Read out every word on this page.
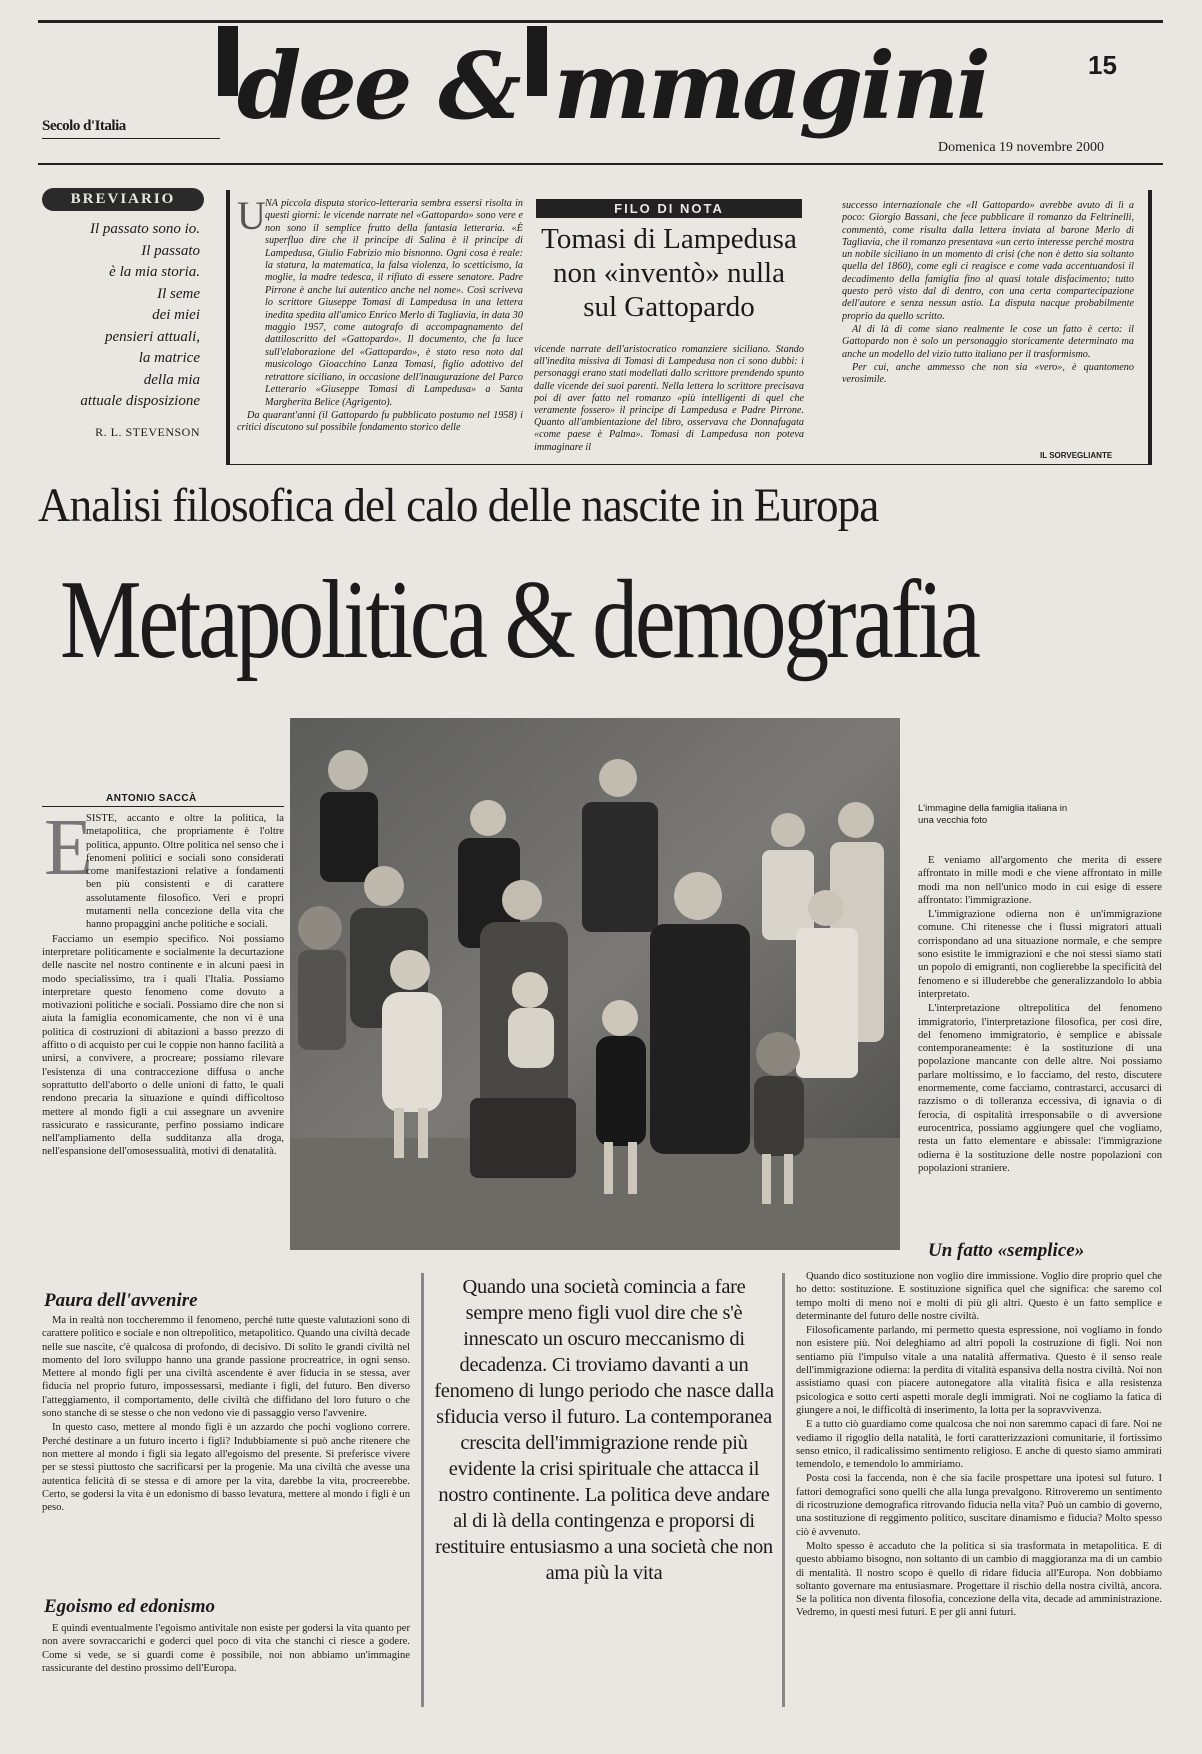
dee & mmagini	15
Secolo d'Italia
Domenica 19 novembre 2000
BREVIARIO
Il passato sono io.
Il passato
è la mia storia.
Il seme
dei miei
pensieri attuali,
la matrice
della mia
attuale disposizione
R. L. STEVENSON
U NA piccola disputa storico-letteraria sembra essersi risolta in questi giorni: le vicende narrate nel «Gattopardo» sono vere e non sono il semplice frutto della fantasia letteraria. «È superfluo dire che il principe di Salina è il principe di Lampedusa, Giulio Fabrizio mio bisnonno. Ogni cosa è reale: la statura, la matematica, la falsa violenza, lo scetticismo, la moglie, la madre tedesca, il rifiuto di essere senatore. Padre Pirrone è anche lui autentico anche nel nome». Così scriveva lo scrittore Giuseppe Tomasi di Lampedusa in una lettera inedita spedita all'amico Enrico Merlo di Tagliavia, in data 30 maggio 1957, come autografo di accompagnamento del dattiloscritto del «Gattopardo». Il documento, che fa luce sull'elaborazione del «Gattopardo», è stato reso noto dal musicologo Gioacchino Lanza Tomasi, figlio adottivo del retrattore siciliano, in occasione dell'inaugurazione del Parco Letterario «Giuseppe Tomasi di Lampedusa» a Santa Margherita Belice (Agrigento).

Da quarant'anni (il Gattopardo fu pubblicato postumo nel 1958) i critici discutono sul possibile fondamento storico delle

FILO DI NOTA
Tomasi di Lampedusa non «inventò» nulla sul Gattopardo

vicende narrate dell'aristocratico romanziere siciliano. Stando all'inedita missiva di Tomasi di Lampedusa non ci sono dubbi: i personaggi erano stati modellati dallo scrittore prendendo spunto dalle vicende dei suoi parenti. Nella lettera lo scrittore precisava poi di aver fatto nel romanzo «più intelligenti di quel che veramente fossero» il principe di Lampedusa e Padre Pirrone. Quanto all'ambientazione del libro, osservava che Donnafugata «come paese è Palma». Tomasi di Lampedusa non poteva immaginare il

successo internazionale che «Il Gattopardo» avrebbe avuto di lì a poco: Giorgio Bassani, che fece pubblicare il romanzo da Feltrinelli, commentò, come risulta dalla lettera inviata al barone Merlo di Tagliavia, che il romanzo presentava «un certo interesse perché mostra un nobile siciliano in un momento di crisi (che non è detto sia soltanto quella del 1860), come egli ci reagisce e come vada accentuandosi il decadimento della famiglia fino al quasi totale disfacimento; tutto questo però visto dal di dentro, con una certa compartecipazione dell'autore e senza nessun astio. La disputa nacque probabilmente proprio da quello scritto.

Al di là di come siano realmente le cose un fatto è certo: il Gattopardo non è solo un personaggio storicamente determinato ma anche un modello del vizio tutto italiano per il trasformismo.

Per cui, anche ammesso che non sia «vero», è quantomeno verosimile.

IL SORVEGLIANTE
Analisi filosofica del calo delle nascite in Europa
Metapolitica & demografia
L'immagine della famiglia italiana in una vecchia foto
ANTONIO SACCÀ
E

SISTE, accanto e oltre la politica, la metapolitica, che propriamente è l'oltre politica, appunto. Oltre politica nel senso che i fenomeni politici e sociali sono considerati come manifestazioni relative a fondamenti ben più consistenti e di carattere assolutamente filosofico. Veri e propri mutamenti nella concezione della vita che hanno propaggini anche politiche e sociali.

Facciamo un esempio specifico. Noi possiamo interpretare politicamente e socialmente la decurtazione delle nascite nel nostro continente e in alcuni paesi in modo specialissimo, tra i quali l'Italia. Possiamo interpretare questo fenomeno come dovuto a motivazioni politiche e sociali. Possiamo dire che non si aiuta la famiglia economicamente, che non vi è una politica di costruzioni di abitazioni a basso prezzo di affitto o di acquisto per cui le coppie non hanno facilità a unirsi, a convivere, a procreare; possiamo rilevare l'esistenza di una contraccezione diffusa o anche soprattutto dell'aborto o delle unioni di fatto, le quali rendono precaria la situazione e quindi difficoltoso mettere al mondo figli a cui assegnare un avvenire rassicurato e rassicurante, perfino possiamo indicare nell'ampliamento della sudditanza alla droga, nell'espansione dell'omosessualità, motivi di denatalità.

Paura dell'avvenire

Ma in realtà non toccheremmo il fenomeno, perché tutte queste valutazioni sono di carattere politico e sociale e non oltrepolitico, metapolitico. Quando una civiltà decade nelle sue nascite, c'è qualcosa di profondo, di decisivo. Di solito le grandi civiltà nel momento del loro sviluppo hanno una grande passione procreatrice, in ogni senso. Mettere al mondo figli per una civiltà ascendente è aver fiducia in se stessa, aver fiducia nel proprio futuro, impossessarsi, mediante i figli, del futuro. Ben diverso l'atteggiamento, il comportamento, delle civiltà che diffidano del loro futuro o che sono stanche di se stesse o che non vedono vie di passaggio verso l'avvenire.

In questo caso, mettere al mondo figli è un azzardo che pochi vogliono correre. Perché destinare a un futuro incerto i figli? Indubbiamente si può anche ritenere che non mettere al mondo i figli sia legato all'egoismo del presente. Si preferisce vivere per se stessi piuttosto che sacrificarsi per la progenie. Ma una civiltà che avesse una autentica felicità di se stessa e di amore per la vita, darebbe la vita, procreerebbe. Certo, se godersi la vita è un edonismo di basso levatura, mettere al mondo i figli è un peso.

Egoismo ed edonismo

E quindi eventualmente l'egoismo antivitale non esiste per godersi la vita quanto per non avere sovraccarichi e goderci quel poco di vita che stanchi ci riesce a godere. Come si vede, se si guardi come è possibile, noi non abbiamo un'immagine rassicurante del destino prossimo dell'Europa.

Quando una società comincia a fare sempre meno figli vuol dire che s'è innescato un oscuro meccanismo di decadenza. Ci troviamo davanti a un fenomeno di lungo periodo che nasce dalla sfiducia verso il futuro. La contemporanea crescita dell'immigrazione rende più evidente la crisi spirituale che attacca il nostro continente. La politica deve andare al di là della contingenza e proporsi di restituire entusiasmo a una società che non ama più la vita

E veniamo all'argomento che merita di essere affrontato in mille modi e che viene affrontato in mille modi ma non nell'unico modo in cui esige di essere affrontato: l'immigrazione.

L'immigrazione odierna non è un'immigrazione comune. Chi ritenesse che i flussi migratori attuali corrispondano ad una situazione normale, e che sempre sono esistite le immigrazioni e che noi stessi siamo stati un popolo di emigranti, non coglierebbe la specificità del fenomeno e si illuderebbe che generalizzandolo lo abbia interpretato.

L'interpretazione oltrepolitica del fenomeno immigratorio, l'interpretazione filosofica, per così dire, del fenomeno immigratorio, è semplice e abissale contemporaneamente: è la sostituzione di una popolazione mancante con delle altre. Noi possiamo parlare moltissimo, e lo facciamo, del resto, discutere enormemente, come facciamo, contrastarci, accusarci di razzismo o di tolleranza eccessiva, di ignavia o di ferocia, di ospitalità irresponsabile o di avversione eurocentrica, possiamo aggiungere quel che vogliamo, resta un fatto elementare e abissale: l'immigrazione odierna è la sostituzione delle nostre popolazioni con popolazioni straniere.

Un fatto «semplice»

Quando dico sostituzione non voglio dire immissione. Voglio dire proprio quel che ho detto: sostituzione. E sostituzione significa quel che significa: che saremo col tempo molti di meno noi e molti di più gli altri. Questo è un fatto semplice e determinante del futuro delle nostre civiltà.

Filosoficamente parlando, mi permetto questa espressione, noi vogliamo in fondo non esistere più. Noi deleghiamo ad altri popoli la costruzione di figli. Noi non sentiamo più l'impulso vitale a una natalità affermativa. Questo è il senso reale dell'immigrazione odierna: la perdita di vitalità espansiva della nostra civiltà. Noi non assistiamo quasi con piacere autonegatore alla vitalità fisica e alla resistenza psicologica e sotto certi aspetti morale degli immigrati. Noi ne cogliamo la fatica di giungere a noi, le difficoltà di inserimento, la lotta per la sopravvivenza.

E a tutto ciò guardiamo come qualcosa che noi non saremmo capaci di fare. Noi ne vediamo il rigoglio della natalità, le forti caratterizzazioni comunitarie, il fortissimo senso etnico, il radicalissimo sentimento religioso. E anche di questo siamo ammirati temendolo, e temendolo lo ammiriamo.

Posta così la faccenda, non è che sia facile prospettare una ipotesi sul futuro. I fattori demografici sono quelli che alla lunga prevalgono. Ritroveremo un sentimento di ricostruzione demografica ritrovando fiducia nella vita? Può un cambio di governo, una sostituzione di reggimento politico, suscitare dinamismo e fiducia? Molto spesso ciò è avvenuto.

Molto spesso è accaduto che la politica si sia trasformata in metapolitica. E di questo abbiamo bisogno, non soltanto di un cambio di maggioranza ma di un cambio di mentalità. Il nostro scopo è quello di ridare fiducia all'Europa. Non dobbiamo soltanto governare ma entusiasmare. Progettare il rischio della nostra civiltà, ancora. Se la politica non diventa filosofia, concezione della vita, decade ad amministrazione. Vedremo, in questi mesi futuri. E per gli anni futuri.
